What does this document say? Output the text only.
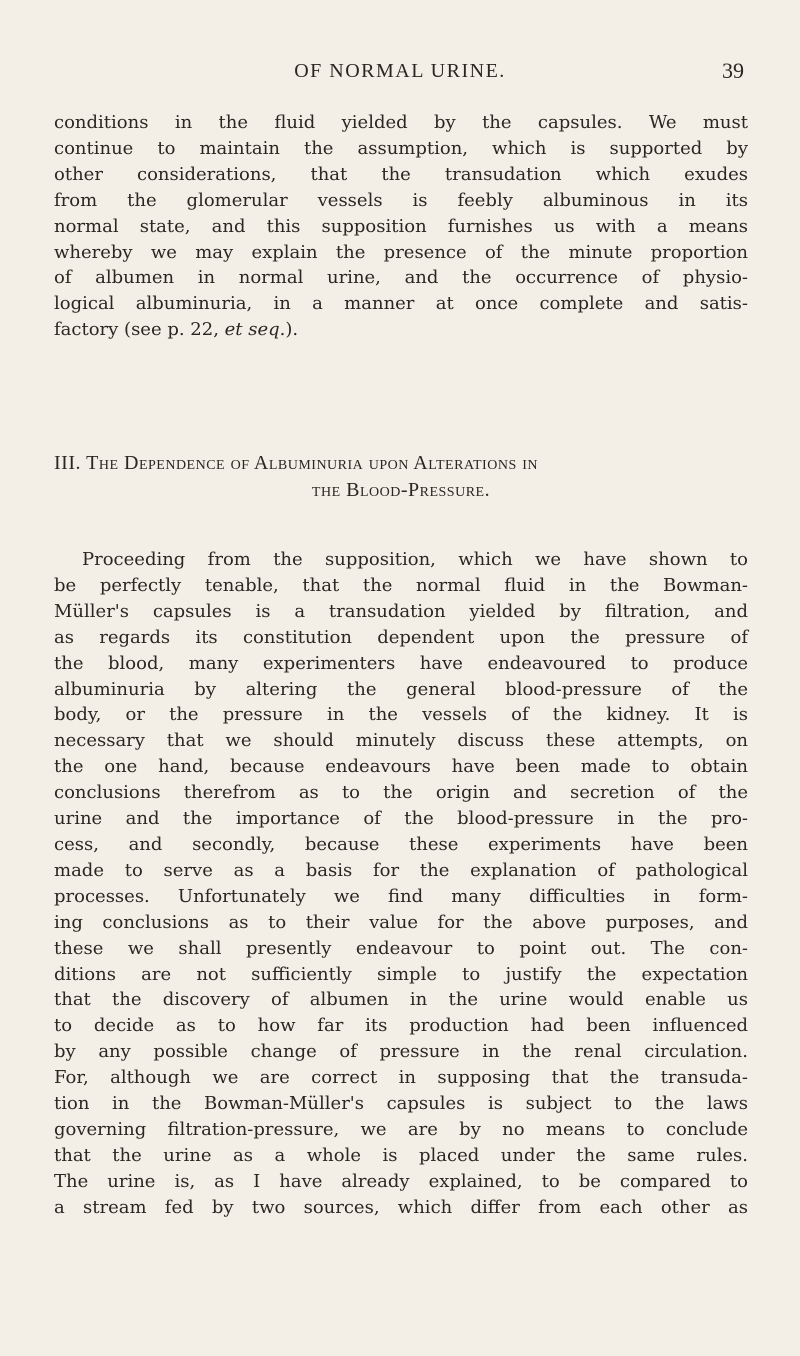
OF NORMAL URINE.	39

conditions in the fluid yielded by the capsules. We must
continue to maintain the assumption, which is supported by
other considerations, that the transudation which exudes
from the glomerular vessels is feebly albuminous in its
normal state, and this supposition furnishes us with a means
whereby we may explain the presence of the minute proportion
of albumen in normal urine, and the occurrence of physio-
logical albuminuria, in a manner at once complete and satis-
factory (see p. 22, et seq.).

III. The Dependence of Albuminuria upon Alterations in
the Blood-Pressure.

Proceeding from the supposition, which we have shown to
be perfectly tenable, that the normal fluid in the Bowman-
Müller's capsules is a transudation yielded by filtration, and
as regards its constitution dependent upon the pressure of
the blood, many experimenters have endeavoured to produce
albuminuria by altering the general blood-pressure of the
body, or the pressure in the vessels of the kidney. It is
necessary that we should minutely discuss these attempts, on
the one hand, because endeavours have been made to obtain
conclusions therefrom as to the origin and secretion of the
urine and the importance of the blood-pressure in the pro-
cess, and secondly, because these experiments have been
made to serve as a basis for the explanation of pathological
processes. Unfortunately we find many difficulties in form-
ing conclusions as to their value for the above purposes, and
these we shall presently endeavour to point out. The con-
ditions are not sufficiently simple to justify the expectation
that the discovery of albumen in the urine would enable us
to decide as to how far its production had been influenced
by any possible change of pressure in the renal circulation.
For, although we are correct in supposing that the transuda-
tion in the Bowman-Müller's capsules is subject to the laws
governing filtration-pressure, we are by no means to conclude
that the urine as a whole is placed under the same rules.
The urine is, as I have already explained, to be compared to
a stream fed by two sources, which differ from each other as
